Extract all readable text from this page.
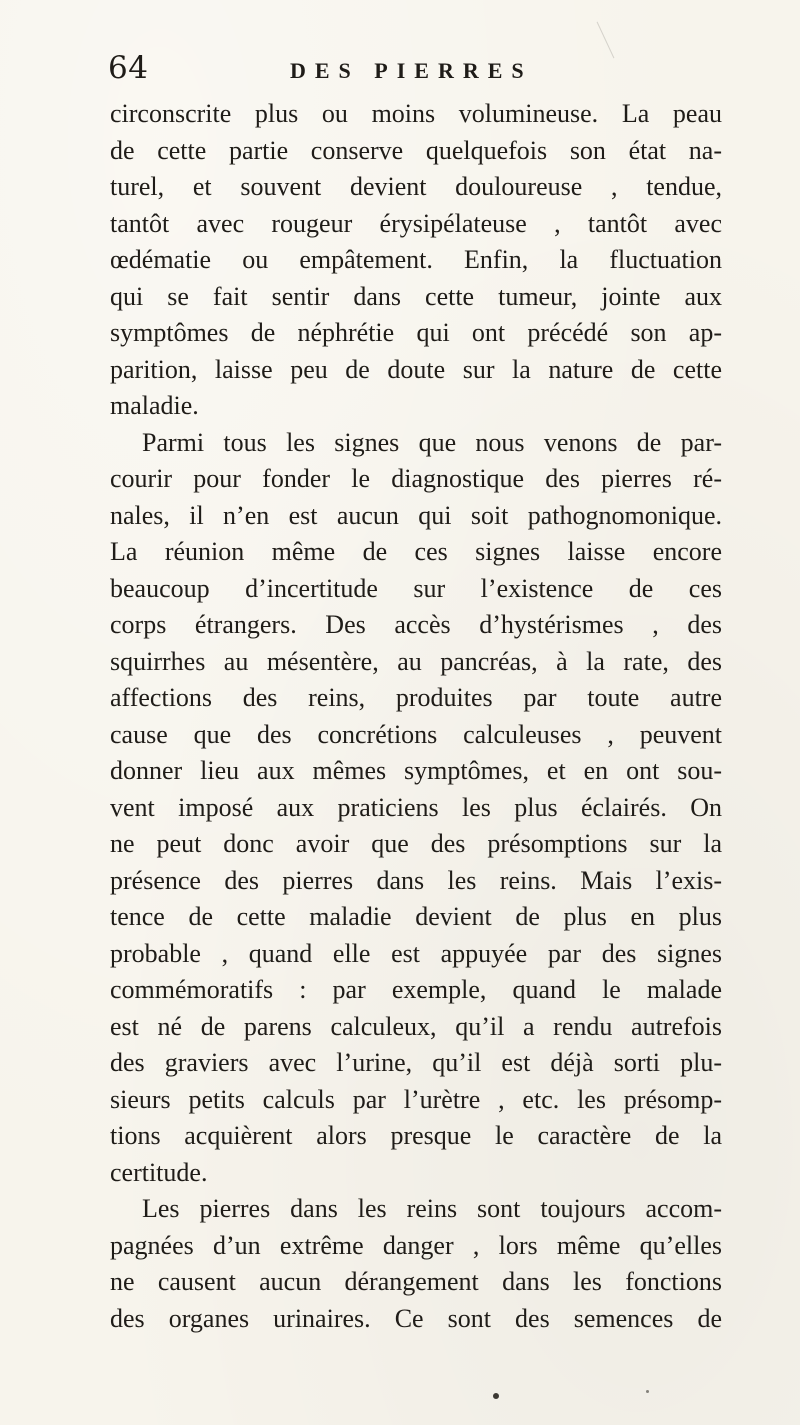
64	DES PIERRES
circonscrite plus ou moins volumineuse. La peau
de cette partie conserve quelquefois son état na-
turel, et souvent devient douloureuse , tendue,
tantôt avec rougeur érysipélateuse , tantôt avec
œdématie ou empâtement. Enfin, la fluctuation
qui se fait sentir dans cette tumeur, jointe aux
symptômes de néphrétie qui ont précédé son ap-
parition, laisse peu de doute sur la nature de cette
maladie.
Parmi tous les signes que nous venons de par-
courir pour fonder le diagnostique des pierres ré-
nales, il n’en est aucun qui soit pathognomonique.
La réunion même de ces signes laisse encore
beaucoup d’incertitude sur l’existence de ces
corps étrangers. Des accès d’hystérismes , des
squirrhes au mésentère, au pancréas, à la rate, des
affections des reins, produites par toute autre
cause que des concrétions calculeuses , peuvent
donner lieu aux mêmes symptômes, et en ont sou-
vent imposé aux praticiens les plus éclairés. On
ne peut donc avoir que des présomptions sur la
présence des pierres dans les reins. Mais l’exis-
tence de cette maladie devient de plus en plus
probable , quand elle est appuyée par des signes
commémoratifs : par exemple, quand le malade
est né de parens calculeux, qu’il a rendu autrefois
des graviers avec l’urine, qu’il est déjà sorti plu-
sieurs petits calculs par l’urètre , etc. les présomp-
tions acquièrent alors presque le caractère de la
certitude.
Les pierres dans les reins sont toujours accom-
pagnées d’un extrême danger , lors même qu’elles
ne causent aucun dérangement dans les fonctions
des organes urinaires. Ce sont des semences de
